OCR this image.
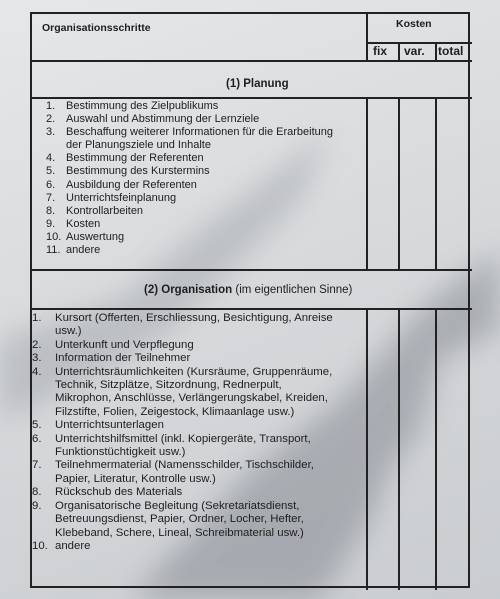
Organisationsschritte	Kosten
fix var. total
(1) Planung
1. Bestimmung des Zielpublikums
2. Auswahl und Abstimmung der Lernziele
3. Beschaffung weiterer Informationen für die Erarbeitung
der Planungsziele und Inhalte
4. Bestimmung der Referenten
5. Bestimmung des Kurstermins
6. Ausbildung der Referenten
7. Unterrichtsfeinplanung
8. Kontrollarbeiten
9. Kosten
10. Auswertung
11. andere
(2) Organisation (im eigentlichen Sinne)
1. Kursort (Offerten, Erschliessung, Besichtigung, Anreise
usw.)
2. Unterkunft und Verpflegung
3. Information der Teilnehmer
4. Unterrichtsräumlichkeiten (Kursräume, Gruppenräume,
Technik, Sitzplätze, Sitzordnung, Rednerpult,
Mikrophon, Anschlüsse, Verlängerungskabel, Kreiden,
Filzstifte, Folien, Zeigestock, Klimaanlage usw.)
5. Unterrichtsunterlagen
6. Unterrichtshilfsmittel (inkl. Kopiergeräte, Transport,
Funktionstüchtigkeit usw.)
7. Teilnehmermaterial (Namensschilder, Tischschilder,
Papier, Literatur, Kontrolle usw.)
8. Rückschub des Materials
9. Organisatorische Begleitung (Sekretariatsdienst,
Betreuungsdienst, Papier, Ordner, Locher, Hefter,
Klebeband, Schere, Lineal, Schreibmaterial usw.)
10. andere
